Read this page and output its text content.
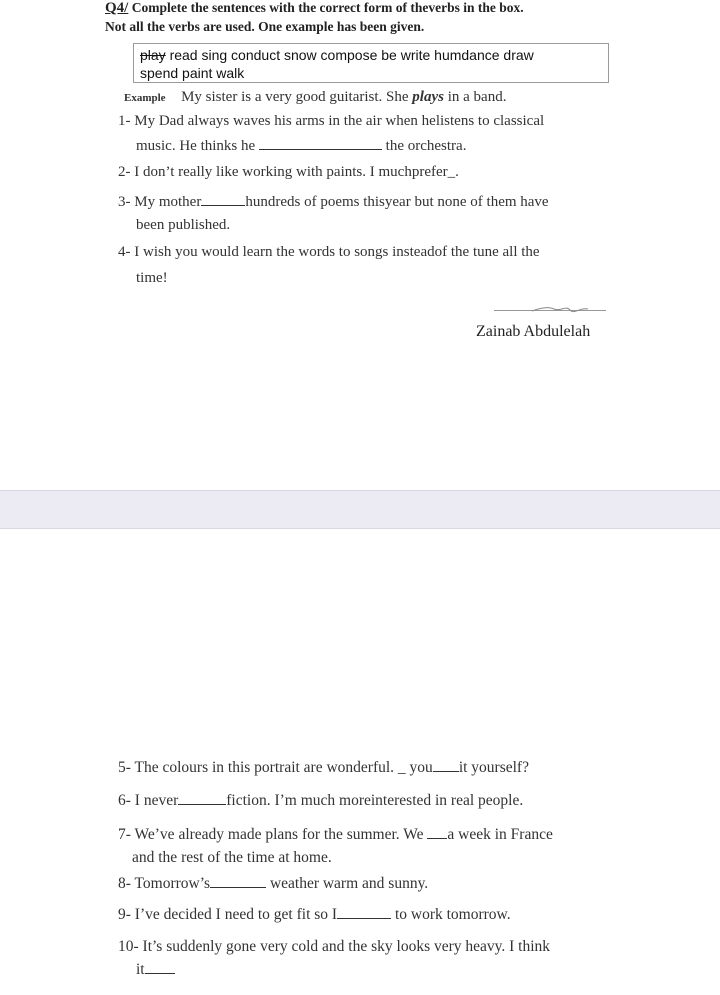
Q4/ Complete the sentences with the correct form of theverbs in the box.
Not all the verbs are used. One example has been given.
play read sing conduct snow compose be write humdance draw
spend paint walk
Example My sister is a very good guitarist. She plays in a band.
1- My Dad always waves his arms in the air when helistens to classical
music. He thinks he	the orchestra.
2- I don’t really like working with paints. I muchprefer_.
3- My mother	hundreds of poems thisyear but none of them have
been published.
4- I wish you would learn the words to songs insteadof the tune all the
time!
Zainab Abdulelah
5- The colours in this portrait are wonderful. _ you it yourself?
6- I never	fiction. I’m much moreinterested in real people.
7- We’ve already made plans for the summer. We a week in France
and the rest of the time at home.
8- Tomorrow’s	weather warm and sunny.
9- I’ve decided I need to get fit so I	to work tomorrow.
10- It’s suddenly gone very cold and the sky looks very heavy. I think
it
